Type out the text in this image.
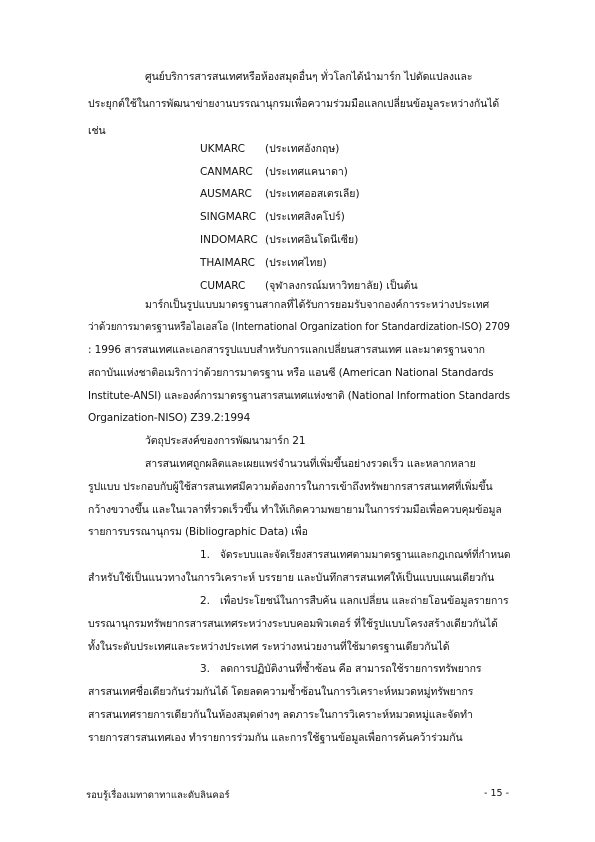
ศูนย์บริการสารสนเทศหรือห้องสมุดอื่นๆ ทั่วโลกได้นำมาร์ก ไปดัดแปลงและ
ประยุกต์ใช้ในการพัฒนาข่ายงานบรรณานุกรมเพื่อความร่วมมือแลกเปลี่ยนข้อมูลระหว่างกันได้
เช่น
UKMARC (ประเทศอังกฤษ)
CANMARC (ประเทศแคนาดา)
AUSMARC (ประเทศออสเตรเลีย)
SINGMARC (ประเทศสิงคโปร์)
INDOMARC (ประเทศอินโดนีเซีย)
THAIMARC (ประเทศไทย)
CUMARC (จุฬาลงกรณ์มหาวิทยาลัย) เป็นต้น
มาร์กเป็นรูปแบบมาตรฐานสากลที่ได้รับการยอมรับจากองค์การระหว่างประเทศ
ว่าด้วยการมาตรฐานหรือไอเอสโอ (International Organization for Standardization-ISO) 2709
: 1996 สารสนเทศและเอกสารรูปแบบสำหรับการแลกเปลี่ยนสารสนเทศ และมาตรฐานจาก
สถาบันแห่งชาติอเมริกาว่าด้วยการมาตรฐาน หรือ แอนซี (American National Standards
Institute-ANSI) และองค์การมาตรฐานสารสนเทศแห่งชาติ (National Information Standards
Organization-NISO) Z39.2:1994
วัตถุประสงค์ของการพัฒนามาร์ก 21
สารสนเทศถูกผลิตและเผยแพร่จำนวนที่เพิ่มขึ้นอย่างรวดเร็ว และหลากหลาย
รูปแบบ ประกอบกับผู้ใช้สารสนเทศมีความต้องการในการเข้าถึงทรัพยากรสารสนเทศที่เพิ่มขึ้น
กว้างขวางขึ้น และในเวลาที่รวดเร็วขึ้น ทำให้เกิดความพยายามในการร่วมมือเพื่อควบคุมข้อมูล
รายการบรรณานุกรม (Bibliographic Data) เพื่อ
1. จัดระบบและจัดเรียงสารสนเทศตามมาตรฐานและกฎเกณฑ์ที่กำหนด
สำหรับใช้เป็นแนวทางในการวิเคราะห์ บรรยาย และบันทึกสารสนเทศให้เป็นแบบแผนเดียวกัน
2. เพื่อประโยชน์ในการสืบค้น แลกเปลี่ยน และถ่ายโอนข้อมูลรายการ
บรรณานุกรมทรัพยากรสารสนเทศระหว่างระบบคอมพิวเตอร์ ที่ใช้รูปแบบโครงสร้างเดียวกันได้
ทั้งในระดับประเทศและระหว่างประเทศ ระหว่างหน่วยงานที่ใช้มาตรฐานเดียวกันได้
3. ลดการปฏิบัติงานที่ซ้ำซ้อน คือ สามารถใช้รายการทรัพยากร
สารสนเทศชื่อเดียวกันร่วมกันได้ โดยลดความซ้ำซ้อนในการวิเคราะห์หมวดหมู่ทรัพยากร
สารสนเทศรายการเดียวกันในห้องสมุดต่างๆ ลดภาระในการวิเคราะห์หมวดหมู่และจัดทำ
รายการสารสนเทศเอง ทำรายการร่วมกัน และการใช้ฐานข้อมูลเพื่อการค้นคว้าร่วมกัน
รอบรู้เรื่องเมทาดาทาและดับลินคอร์	- 15 -
